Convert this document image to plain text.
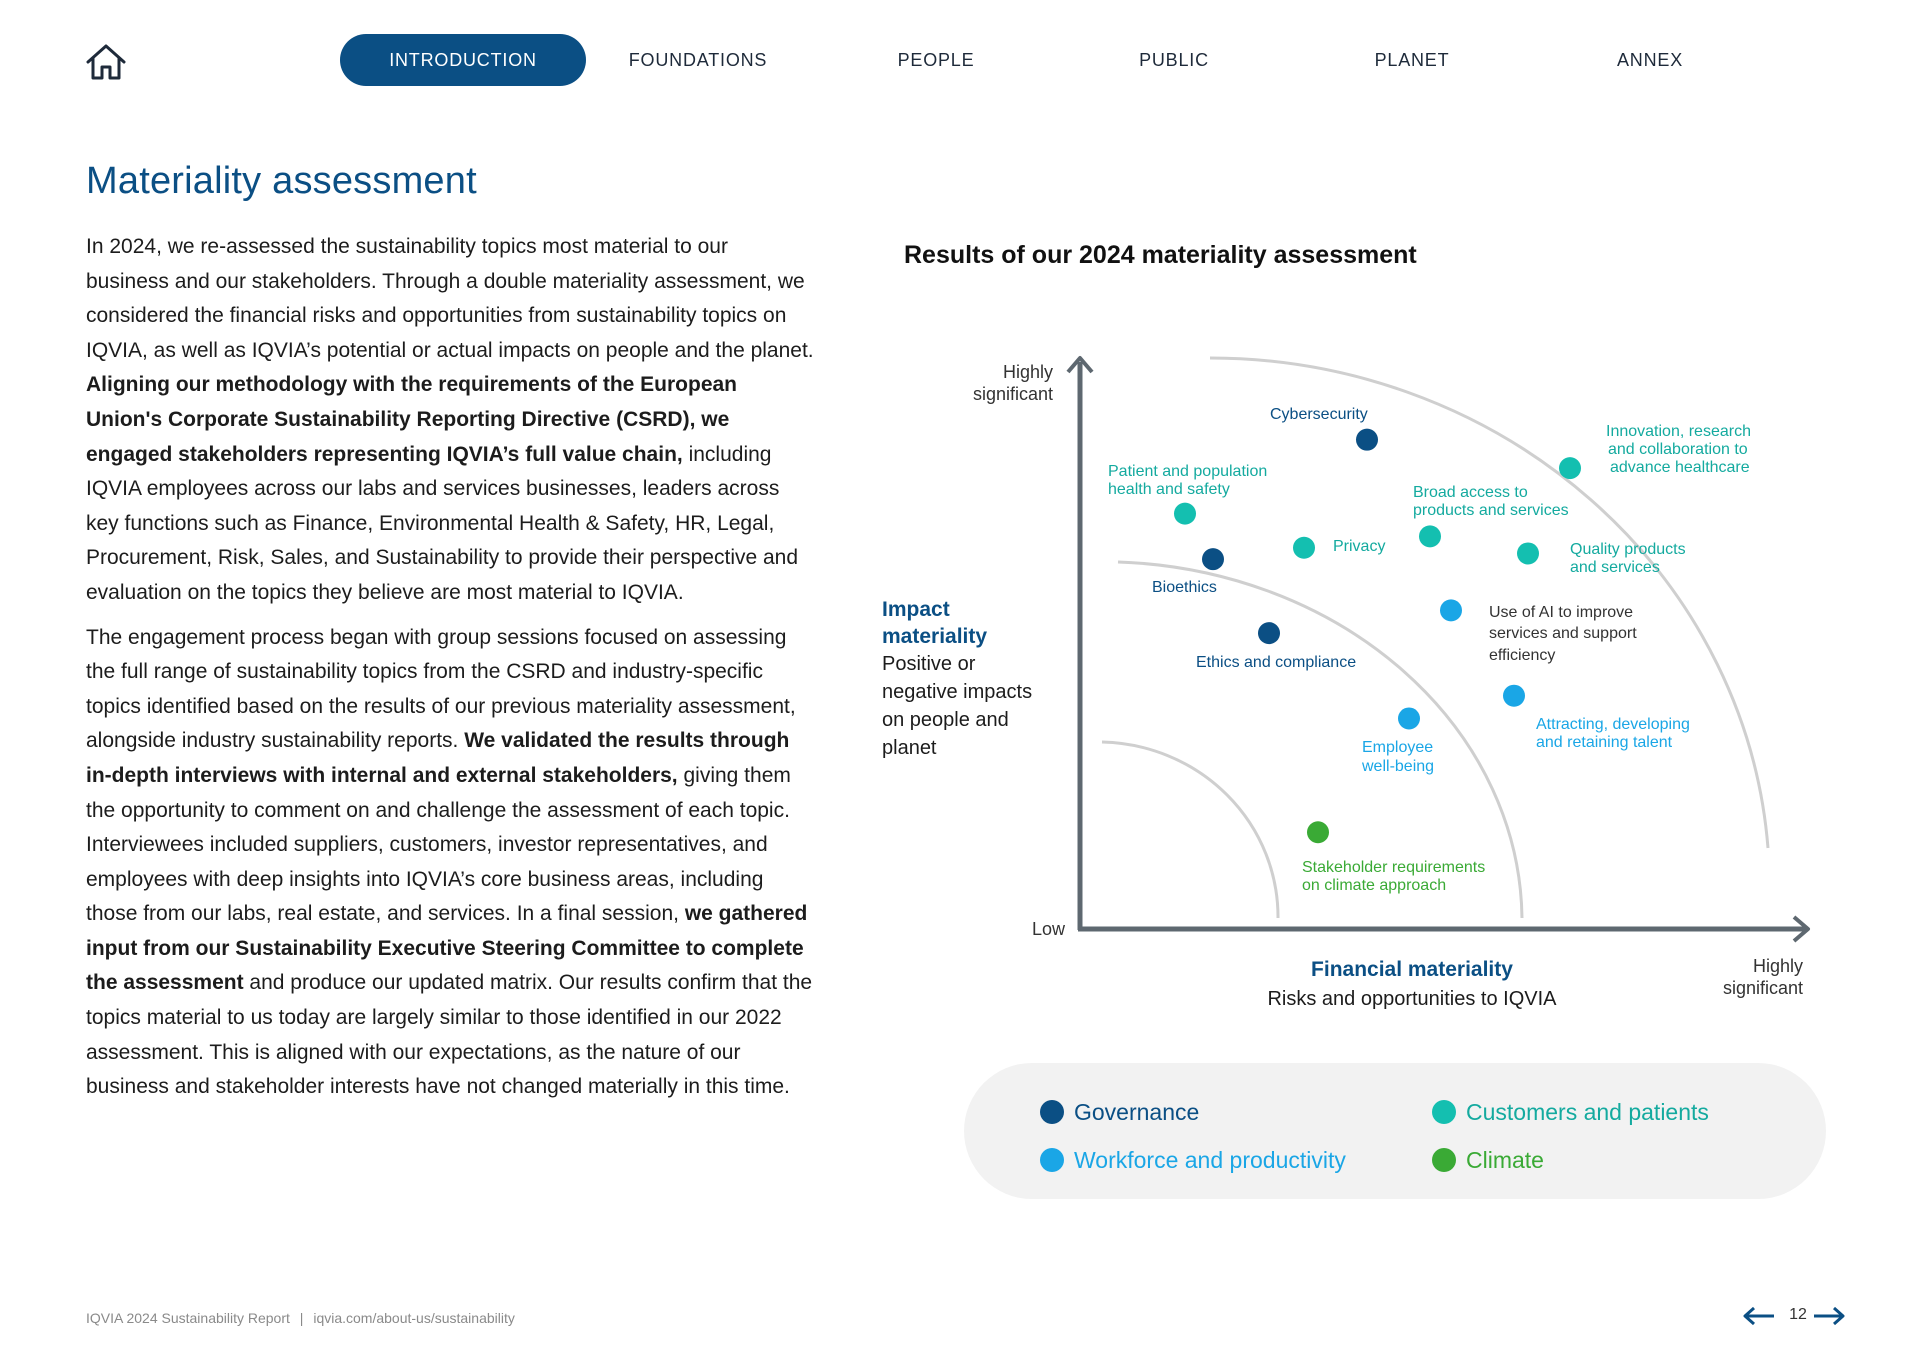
INTRODUCTION	FOUNDATIONS	PEOPLE	PUBLIC	PLANET	ANNEX
Materiality assessment

In 2024, we re-assessed the sustainability topics most material to our business and our stakeholders. Through a double materiality assessment, we considered the financial risks and opportunities from sustainability topics on IQVIA, as well as IQVIA’s potential or actual impacts on people and the planet. Aligning our methodology with the requirements of the European Union's Corporate Sustainability Reporting Directive (CSRD), we engaged stakeholders representing IQVIA’s full value chain, including IQVIA employees across our labs and services businesses, leaders across key functions such as Finance, Environmental Health & Safety, HR, Legal, Procurement, Risk, Sales, and Sustainability to provide their perspective and evaluation on the topics they believe are most material to IQVIA.

The engagement process began with group sessions focused on assessing the full range of sustainability topics from the CSRD and industry-specific topics identified based on the results of our previous materiality assessment, alongside industry sustainability reports. We validated the results through in-depth interviews with internal and external stakeholders, giving them the opportunity to comment on and challenge the assessment of each topic. Interviewees included suppliers, customers, investor representatives, and employees with deep insights into IQVIA’s core business areas, including those from our labs, real estate, and services. In a final session, we gathered input from our Sustainability Executive Steering Committee to complete the assessment and produce our updated matrix. Our results confirm that the topics material to us today are largely similar to those identified in our 2022 assessment. This is aligned with our expectations, as the nature of our business and stakeholder interests have not changed materially in this time.

Results of our 2024 materiality assessment
Highly
significant
Low
Impact
materiality
Positive or
negative impacts
on people and
planet
Financial materiality
Risks and opportunities to IQVIA
Highly
significant
Cybersecurity
Innovation, research
and collaboration to
advance healthcare
Patient and population
health and safety	Broad access to
products and services
Privacy
Bioethics
Quality products
and services
Use of AI to improve
services and support
efficiency
Ethics and compliance
Attracting, developing
and retaining talent
Employee
well-being
Stakeholder requirements
on climate approach
Governance	Customers and patients
Workforce and productivity	Climate
IQVIA 2024 Sustainability Report | iqvia.com/about-us/sustainability	12
